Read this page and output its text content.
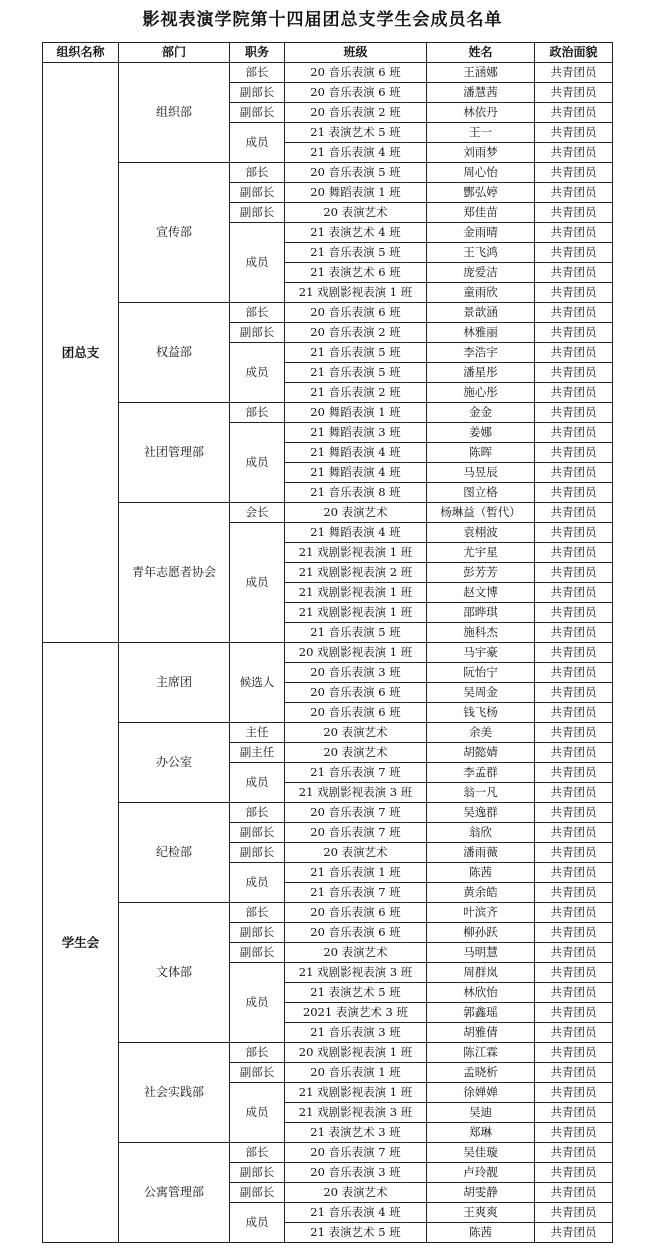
影视表演学院第十四届团总支学生会成员名单
组织名称	部门	职务	班级	姓名	政治面貌
团总支	组织部	部长	20 音乐表演 6 班	王涵娜	共青团员
		副部长	20 音乐表演 6 班	潘慧茜	共青团员
		副部长	20 音乐表演 2 班	林依丹	共青团员
		成员	21 表演艺术 5 班	王一	共青团员
			21 音乐表演 4 班	刘雨梦	共青团员
	宣传部	部长	20 音乐表演 5 班	周心怡	共青团员
		副部长	20 舞蹈表演 1 班	酆弘婷	共青团员
		副部长	20 表演艺术	郑佳苗	共青团员
		成员	21 表演艺术 4 班	金雨晴	共青团员
			21 音乐表演 5 班	王飞鸿	共青团员
			21 表演艺术 6 班	庞爱洁	共青团员
			21 戏剧影视表演 1 班	童雨欣	共青团员
	权益部	部长	20 音乐表演 6 班	景歆涵	共青团员
		副部长	20 音乐表演 2 班	林雅丽	共青团员
		成员	21 音乐表演 5 班	李浩宇	共青团员
			21 音乐表演 5 班	潘星彤	共青团员
			21 音乐表演 2 班	施心彤	共青团员
	社团管理部	部长	20 舞蹈表演 1 班	金金	共青团员
		成员	21 舞蹈表演 3 班	姜娜	共青团员
			21 舞蹈表演 4 班	陈晖	共青团员
			21 舞蹈表演 4 班	马昱辰	共青团员
			21 音乐表演 8 班	图立格	共青团员
	青年志愿者协会	会长	20 表演艺术	杨琳益（暂代）	共青团员
		成员	21 舞蹈表演 4 班	袁栩波	共青团员
			21 戏剧影视表演 1 班	尤宇星	共青团员
			21 戏剧影视表演 2 班	彭芳芳	共青团员
			21 戏剧影视表演 1 班	赵文博	共青团员
			21 戏剧影视表演 1 班	邵晔琪	共青团员
			21 音乐表演 5 班	施科杰	共青团员
学生会	主席团	候选人	20 戏剧影视表演 1 班	马宇豪	共青团员
			20 音乐表演 3 班	阮怡宁	共青团员
			20 音乐表演 6 班	吴周金	共青团员
			20 音乐表演 6 班	钱飞杨	共青团员
	办公室	主任	20 表演艺术	余美	共青团员
		副主任	20 表演艺术	胡懿婧	共青团员
		成员	21 音乐表演 7 班	李孟群	共青团员
			21 戏剧影视表演 3 班	翁一凡	共青团员
	纪检部	部长	20 音乐表演 7 班	吴逸群	共青团员
		副部长	20 音乐表演 7 班	翁欣	共青团员
		副部长	20 表演艺术	潘雨薇	共青团员
		成员	21 音乐表演 1 班	陈茜	共青团员
			21 音乐表演 7 班	黄余皓	共青团员
	文体部	部长	20 音乐表演 6 班	叶滨齐	共青团员
		副部长	20 音乐表演 6 班	柳孙跃	共青团员
		副部长	20 表演艺术	马明慧	共青团员
		成员	21 戏剧影视表演 3 班	周群岚	共青团员
			21 表演艺术 5 班	林欣怡	共青团员
			2021 表演艺术 3 班	郭鑫瑶	共青团员
			21 音乐表演 3 班	胡雅倩	共青团员
	社会实践部	部长	20 戏剧影视表演 1 班	陈江霖	共青团员
		副部长	20 音乐表演 1 班	孟晓析	共青团员
		成员	21 戏剧影视表演 1 班	徐婵婵	共青团员
			21 戏剧影视表演 3 班	吴迪	共青团员
			21 表演艺术 3 班	郑琳	共青团员
	公寓管理部	部长	20 音乐表演 7 班	吴佳璇	共青团员
		副部长	20 音乐表演 3 班	卢玲靓	共青团员
		副部长	20 表演艺术	胡雯静	共青团员
		成员	21 音乐表演 4 班	王爽爽	共青团员
			21 表演艺术 5 班	陈茜	共青团员
